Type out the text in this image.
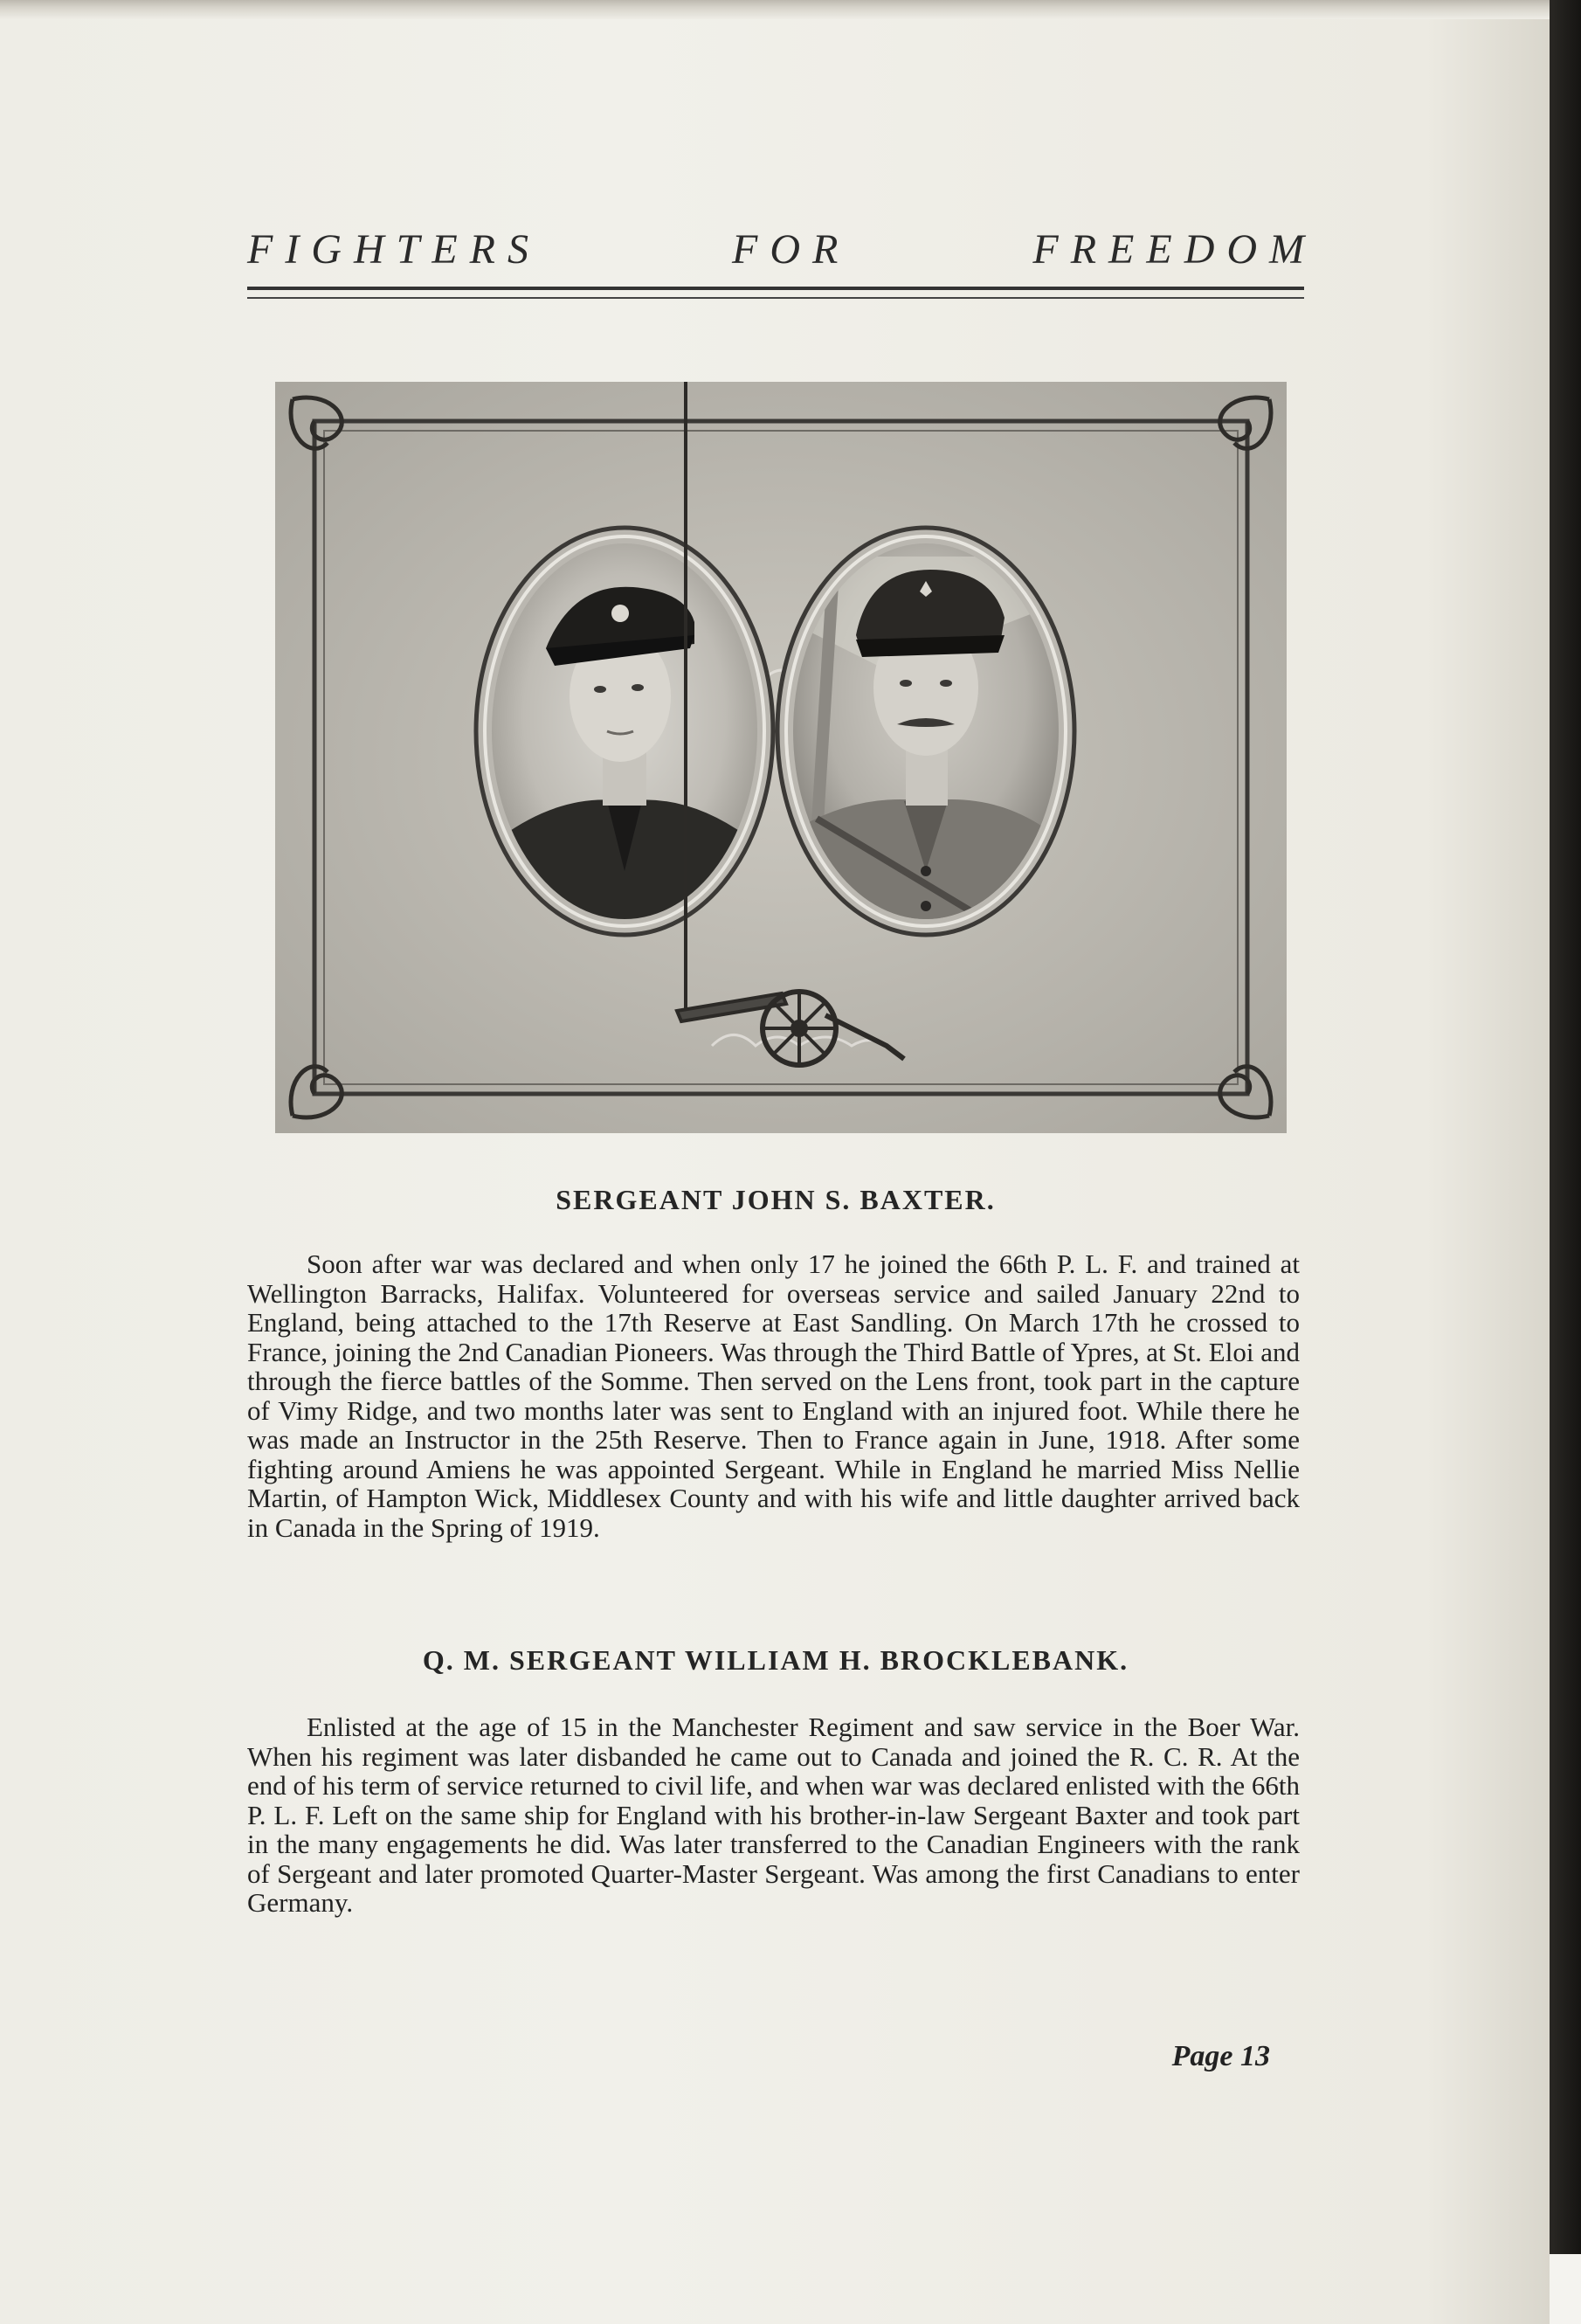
FIGHTERS	FOR	FREEDOM
SERGEANT JOHN S. BAXTER.

Soon after war was declared and when only 17 he joined the 66th P. L. F. and trained at Wellington Barracks, Halifax. Volunteered for overseas service and sailed January 22nd to England, being attached to the 17th Reserve at East Sandling. On March 17th he crossed to France, joining the 2nd Canadian Pioneers. Was through the Third Battle of Ypres, at St. Eloi and through the fierce battles of the Somme. Then served on the Lens front, took part in the capture of Vimy Ridge, and two months later was sent to England with an injured foot. While there he was made an Instructor in the 25th Reserve. Then to France again in June, 1918. After some fighting around Amiens he was appointed Sergeant. While in England he married Miss Nellie Martin, of Hampton Wick, Middlesex County and with his wife and little daughter arrived back in Canada in the Spring of 1919.

Q. M. SERGEANT WILLIAM H. BROCKLEBANK.

Enlisted at the age of 15 in the Manchester Regiment and saw service in the Boer War. When his regiment was later disbanded he came out to Canada and joined the R. C. R. At the end of his term of service returned to civil life, and when war was declared enlisted with the 66th P. L. F. Left on the same ship for England with his brother-in-law Sergeant Baxter and took part in the many engagements he did. Was later transferred to the Canadian Engineers with the rank of Sergeant and later promoted Quarter-Master Sergeant. Was among the first Canadians to enter Germany.

Page 13
